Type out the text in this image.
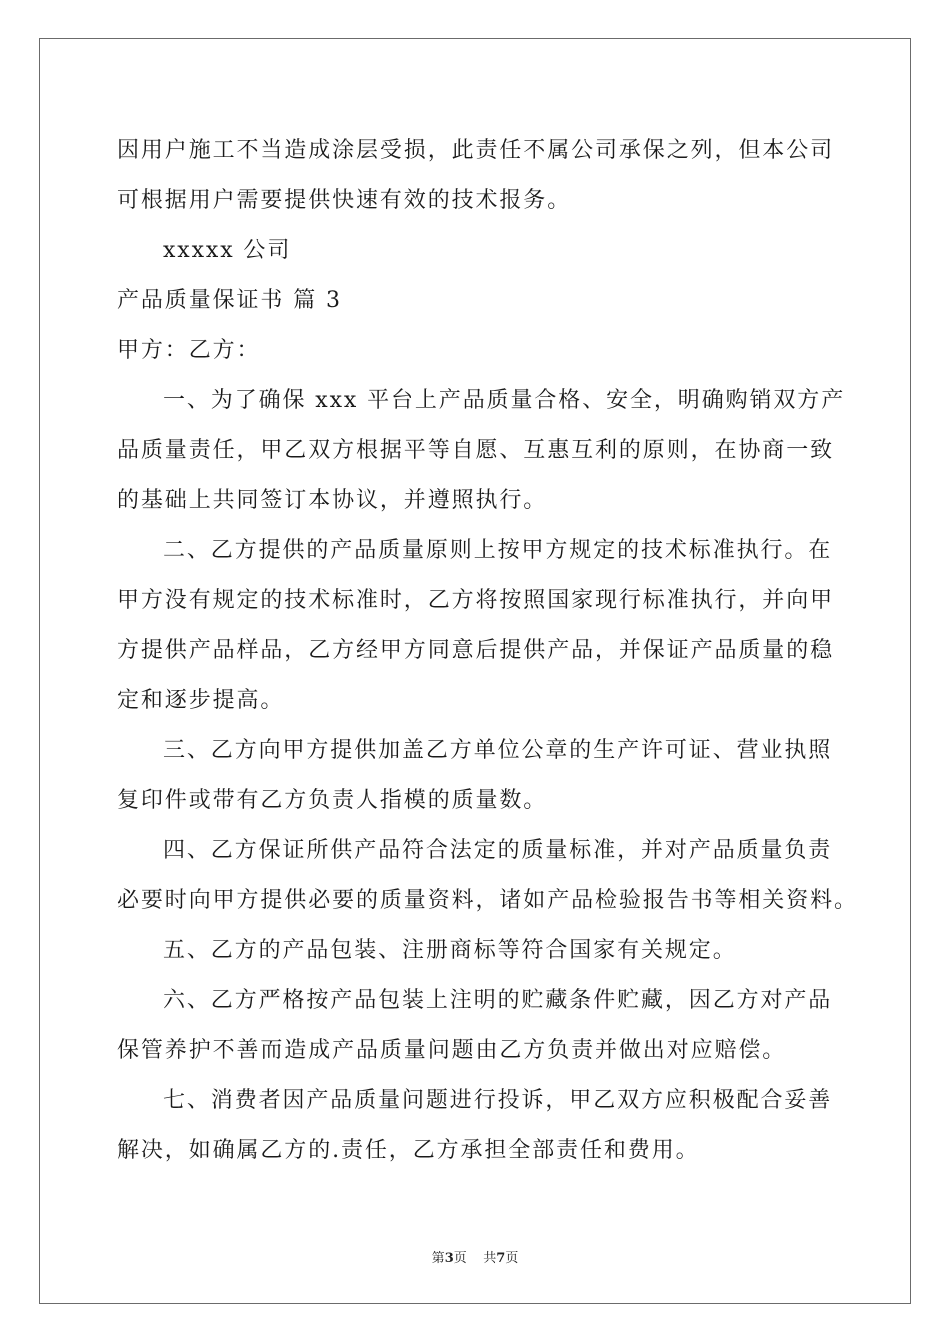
因用户施工不当造成涂层受损，此责任不属公司承保之列，但本公司
可根据用户需要提供快速有效的技术报务。
xxxxx 公司
产品质量保证书 篇 3
甲方：乙方：
一、为了确保 xxx 平台上产品质量合格、安全，明确购销双方产
品质量责任，甲乙双方根据平等自愿、互惠互利的原则，在协商一致
的基础上共同签订本协议，并遵照执行。
二、乙方提供的产品质量原则上按甲方规定的技术标准执行。在
甲方没有规定的技术标准时，乙方将按照国家现行标准执行，并向甲
方提供产品样品，乙方经甲方同意后提供产品，并保证产品质量的稳
定和逐步提高。
三、乙方向甲方提供加盖乙方单位公章的生产许可证、营业执照
复印件或带有乙方负责人指模的质量数。
四、乙方保证所供产品符合法定的质量标准，并对产品质量负责
必要时向甲方提供必要的质量资料，诸如产品检验报告书等相关资料。
五、乙方的产品包装、注册商标等符合国家有关规定。
六、乙方严格按产品包装上注明的贮藏条件贮藏，因乙方对产品
保管养护不善而造成产品质量问题由乙方负责并做出对应赔偿。
七、消费者因产品质量问题进行投诉，甲乙双方应积极配合妥善
解决，如确属乙方的.责任，乙方承担全部责任和费用。
第3页    共7页
